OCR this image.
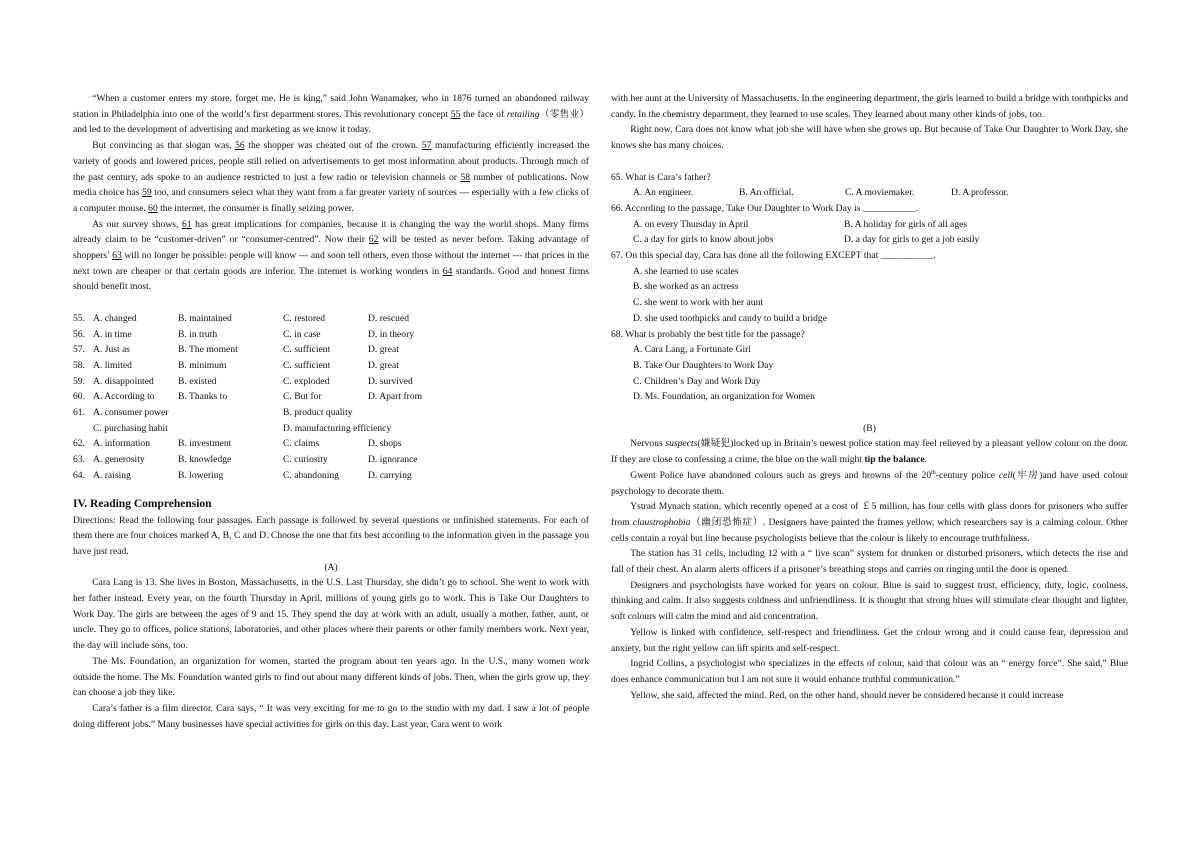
“When a customer enters my store, forget me. He is king,” said John Wanamaker, who in 1876 turned an abandoned railway station in Philadelphia into one of the world’s first department stores. This revolutionary concept 55 the face of retailing（零售业） and led to the development of advertising and marketing as we know it today.

But convincing as that slogan was, 56 the shopper was cheated out of the crown. 57 manufacturing efficiently increased the variety of goods and lowered prices, people still relied on advertisements to get most information about products. Through much of the past century, ads spoke to an audience restricted to just a few radio or television channels or 58 number of publications. Now media choice has 59 too, and consumers select what they want from a far greater variety of sources --- especially with a few clicks of a computer mouse. 60 the internet, the consumer is finally seizing power.

As our survey shows, 61 has great implications for companies, because it is changing the way the world shops. Many firms already claim to be “customer-driven” or “consumer-centred”. Now their 62 will be tested as never before. Taking advantage of shoppers’ 63 will no longer be possible: people will know --- and soon tell others, even those without the internet --- that prices in the next town are cheaper or that certain goods are inferior. The internet is working wonders in 64 standards. Good and honest firms should benefit most.

55. A. changed	B. maintained	C. restored	D. rescued
56. A. in time	B. in truth	C. in case	D. in theory
57. A. Just as	B. The moment	C. sufficient	D. great
58. A. limited	B. minimum	C. sufficient	D. great
59. A. disappointed	B. existed	C. exploded	D. survived
60. A. According to	B. Thanks to	C. But for	D. Apart from
61. A. consumer power	B. product quality
C. purchasing habit	D. manufacturing efficiency
62. A. information	B. investment	C. claims	D. shops
63. A. generosity	B. knowledge	C. curiosity	D. ignorance
64. A. raising	B. lowering	C. abandoning	D. carrying
IV. Reading Comprehension

Directions: Read the following four passages. Each passage is followed by several questions or unfinished statements. For each of them there are four choices marked A, B, C and D. Choose the one that fits best according to the information given in the passage you have just read.

(A)

Cara Lang is 13. She lives in Boston, Massachusetts, in the U.S. Last Thursday, she didn’t go to school. She went to work with her father instead. Every year, on the fourth Thursday in April, millions of young girls go to work. This is Take Our Daughters to Work Day. The girls are between the ages of 9 and 15. They spend the day at work with an adult, usually a mother, father, aunt, or uncle. They go to offices, police stations, laboratories, and other places where their parents or other family members work. Next year, the day will include sons, too.

The Ms. Foundation, an organization for women, started the program about ten years ago. In the U.S., many women work outside the home. The Ms. Foundation wanted girls to find out about many different kinds of jobs. Then, when the girls grow up, they can choose a job they like.

Cara’s father is a film director. Cara says, “ It was very exciting for me to go to the studio with my dad. I saw a lot of people doing different jobs.” Many businesses have special activities for girls on this day. Last year, Cara went to work

with her aunt at the University of Massachusetts. In the engineering department, the girls learned to build a bridge with toothpicks and candy. In the chemistry department, they learned to use scales. They learned about many other kinds of jobs, too.

Right now, Cara does not know what job she will have when she grows up. But because of Take Our Daughter to Work Day, she knows she has many choices.

65. What is Cara’s father?
A. An engineer.	B. An official.	C. A moviemaker.	D. A professor.
66. According to the passage, Take Our Daughter to Work Day is ___________.
A. on every Thursday in April	B. A holiday for girls of all ages
C. a day for girls to know about jobs	D. a day for girls to get a job easily
67. On this special day, Cara has done all the following EXCEPT that ___________.
A. she learned to use scales
B. she worked as an actress
C. she went to work with her aunt
D. she used toothpicks and candy to build a bridge
68. What is probably the best title for the passage?
A. Cara Lang, a Fortunate Girl
B. Take Our Daughters to Work Day
C. Children’s Day and Work Day
D. Ms. Foundation, an organization for Women

(B)

Nervous suspects(嫌疑犯)locked up in Britain’s newest police station may feel relieved by a pleasant yellow colour on the door. If they are close to confessing a crime, the blue on the wall might tip the balance.

Gwent Police have abandoned colours such as greys and browns of the 20th-century police cell(牢房)and have used colour psychology to decorate them.

Ystrad Mynach station, which recently opened at a cost of ￡5 million, has four cells with glass doors for prisoners who suffer from claustrophobia（幽闭恐怖症）. Designers have painted the frames yellow, which researchers say is a calming colour. Other cells contain a royal but line because psychologists believe that the colour is likely to encourage truthfulness.

The station has 31 cells, including 12 with a “ live scan” system for drunken or disturbed prisoners, which detects the rise and fall of their chest. An alarm alerts officers if a prisoner’s breathing stops and carries on ringing until the door is opened.

Designers and psychologists have worked for years on colour. Blue is said to suggest trust, efficiency, duty, logic, coolness, thinking and calm. It also suggests coldness and unfriendliness. It is thought that strong blues will stimulate clear thought and lighter, soft colours will calm the mind and aid concentration.

Yellow is linked with confidence, self-respect and friendliness. Get the colour wrong and it could cause fear, depression and anxiety, but the right yellow can lift spirits and self-respect.

Ingrid Collins, a psychologist who specializes in the effects of colour, said that colour was an “ energy force”. She said,” Blue does enhance communication but I am not sure it would enhance truthful communication.”

Yellow, she said, affected the mind. Red, on the other hand, should never be considered because it could increase
